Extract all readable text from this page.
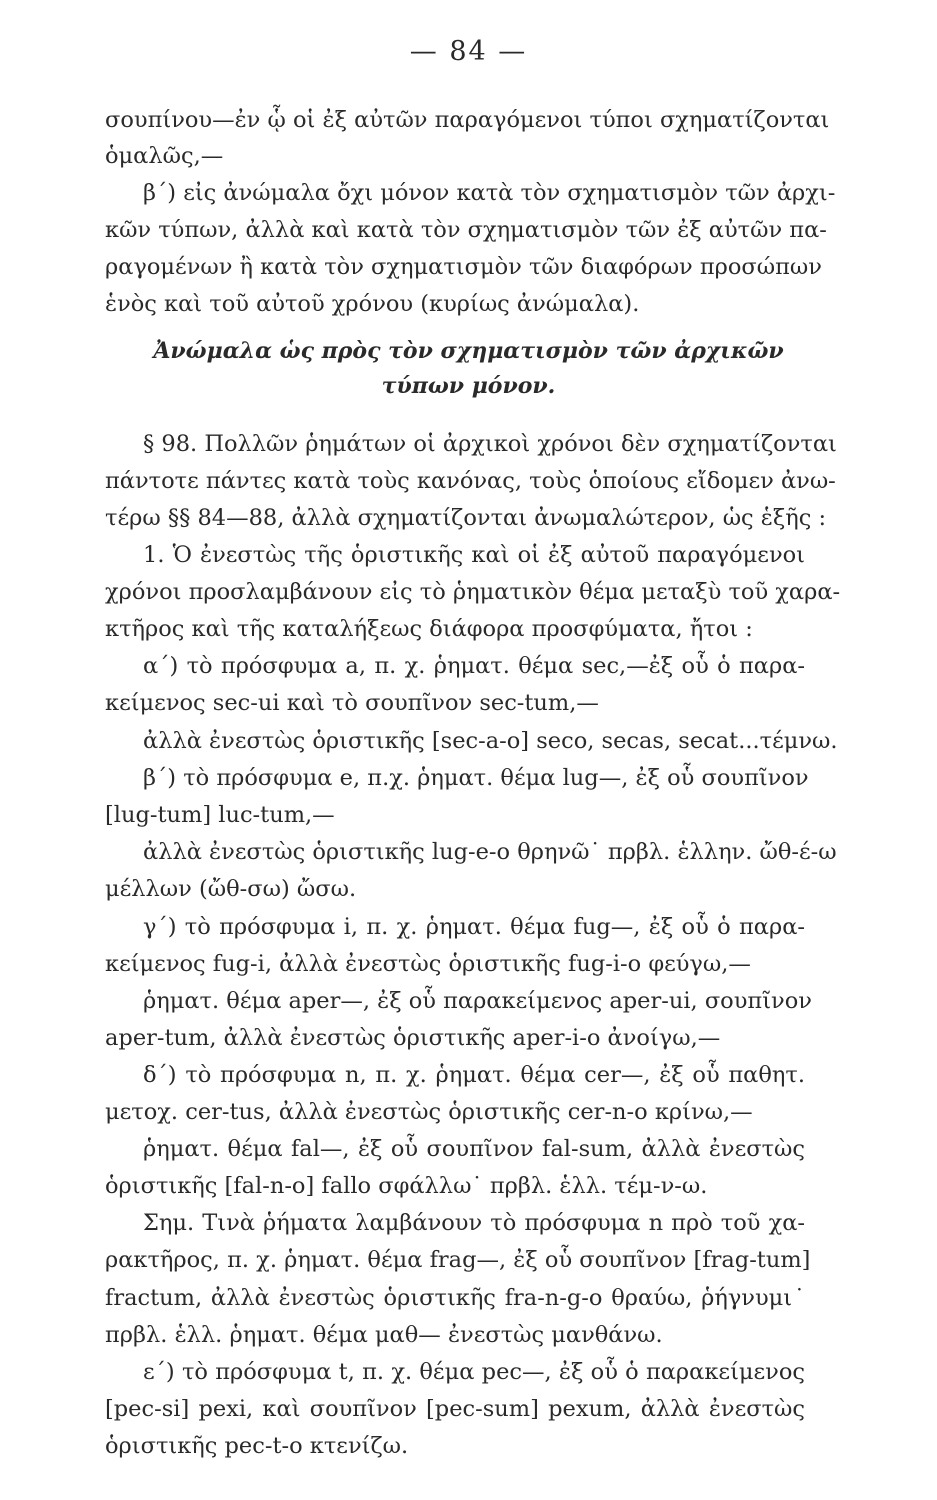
— 84 —
σουπίνου—ἐν ᾧ οἱ ἐξ αὐτῶν παραγόμενοι τύποι σχηματίζονται
ὁμαλῶς,—
β΄) εἰς ἀνώμαλα ὄχι μόνον κατὰ τὸν σχηματισμὸν τῶν ἀρχι-
κῶν τύπων, ἀλλὰ καὶ κατὰ τὸν σχηματισμὸν τῶν ἐξ αὐτῶν πα-
ραγομένων ἢ κατὰ τὸν σχηματισμὸν τῶν διαφόρων προσώπων
ἑνὸς καὶ τοῦ αὐτοῦ χρόνου (κυρίως ἀνώμαλα).
Ἀνώμαλα ὡς πρὸς τὸν σχηματισμὸν τῶν ἀρχικῶν
τύπων μόνον.
§ 98. Πολλῶν ῥημάτων οἱ ἀρχικοὶ χρόνοι δὲν σχηματίζονται
πάντοτε πάντες κατὰ τοὺς κανόνας, τοὺς ὁποίους εἴδομεν ἀνω-
τέρω §§ 84—88, ἀλλὰ σχηματίζονται ἀνωμαλώτερον, ὡς ἑξῆς :
1. Ὁ ἐνεστὼς τῆς ὁριστικῆς καὶ οἱ ἐξ αὐτοῦ παραγόμενοι
χρόνοι προσλαμβάνουν εἰς τὸ ῥηματικὸν θέμα μεταξὺ τοῦ χαρα-
κτῆρος καὶ τῆς καταλήξεως διάφορα προσφύματα, ἤτοι :
α΄) τὸ πρόσφυμα a, π. χ. ῥηματ. θέμα sec,—ἐξ οὗ ὁ παρα-
κείμενος sec-ui καὶ τὸ σουπῖνον sec-tum,—
ἀλλὰ ἐνεστὼς ὁριστικῆς [sec-a-o] seco, secas, secat...τέμνω.
β΄) τὸ πρόσφυμα e, π.χ. ῥηματ. θέμα lug—, ἐξ οὗ σουπῖνον
[lug-tum] luc-tum,—
ἀλλὰ ἐνεστὼς ὁριστικῆς lug-e-o θρηνῶ˙ πρβλ. ἑλλην. ὤθ-έ-ω
μέλλων (ὤθ-σω) ὤσω.
γ΄) τὸ πρόσφυμα i, π. χ. ῥηματ. θέμα fug—, ἐξ οὗ ὁ παρα-
κείμενος fug-i, ἀλλὰ ἐνεστὼς ὁριστικῆς fug-i-o φεύγω,—
ῥηματ. θέμα aper—, ἐξ οὗ παρακείμενος aper-ui, σουπῖνον
aper-tum, ἀλλὰ ἐνεστὼς ὁριστικῆς aper-i-o ἀνοίγω,—
δ΄) τὸ πρόσφυμα n, π. χ. ῥηματ. θέμα cer—, ἐξ οὗ παθητ.
μετοχ. cer-tus, ἀλλὰ ἐνεστὼς ὁριστικῆς cer-n-o κρίνω,—
ῥηματ. θέμα fal—, ἐξ οὗ σουπῖνον fal-sum, ἀλλὰ ἐνεστὼς
ὁριστικῆς [fal-n-o] fallo σφάλλω˙ πρβλ. ἑλλ. τέμ-ν-ω.
Σημ. Τινὰ ῥήματα λαμβάνουν τὸ πρόσφυμα n πρὸ τοῦ χα-
ρακτῆρος, π. χ. ῥηματ. θέμα frag—, ἐξ οὗ σουπῖνον [frag-tum]
fractum, ἀλλὰ ἐνεστὼς ὁριστικῆς fra-n-g-o θραύω, ῥήγνυμι˙
πρβλ. ἑλλ. ῥηματ. θέμα μαθ— ἐνεστὼς μανθάνω.
ε΄) τὸ πρόσφυμα t, π. χ. θέμα pec—, ἐξ οὗ ὁ παρακείμενος
[pec-si] pexi, καὶ σουπῖνον [pec-sum] pexum, ἀλλὰ ἐνεστὼς
ὁριστικῆς pec-t-o κτενίζω.
